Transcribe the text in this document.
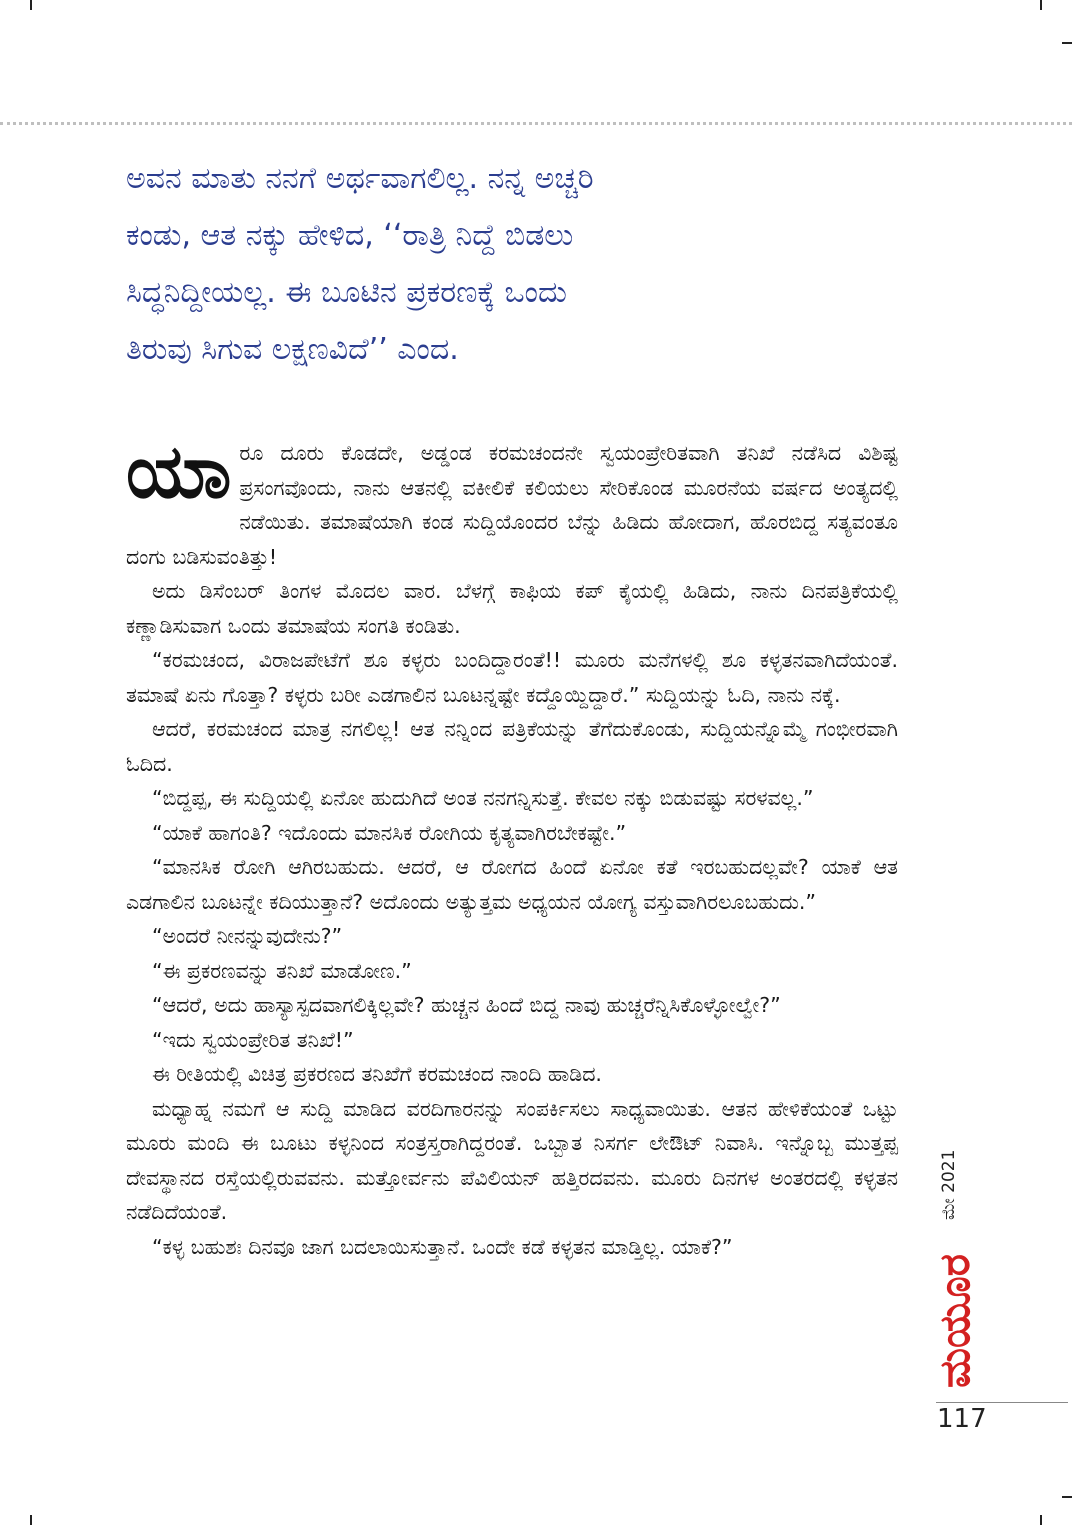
ಅವನ ಮಾತು ನನಗೆ ಅರ್ಥವಾಗಲಿಲ್ಲ. ನನ್ನ ಅಚ್ಚರಿ

ಕಂಡು, ಆತ ನಕ್ಕು ಹೇಳಿದ, ‘‘ರಾತ್ರಿ ನಿದ್ದೆ ಬಿಡಲು

ಸಿದ್ಧನಿದ್ದೀಯಲ್ಲ. ಈ ಬೂಟಿನ ಪ್ರಕರಣಕ್ಕೆ ಒಂದು

ತಿರುವು ಸಿಗುವ ಲಕ್ಷಣವಿದೆ’’ ಎಂದ.

ಯಾರೂ ದೂರು ಕೊಡದೇ, ಅಡ್ಡಂಡ ಕರಮಚಂದನೇ ಸ್ವಯಂಪ್ರೇರಿತವಾಗಿ ತನಿಖೆ ನಡೆಸಿದ ವಿಶಿಷ್ಟ ಪ್ರಸಂಗವೊಂದು, ನಾನು ಆತನಲ್ಲಿ ವಕೀಲಿಕೆ ಕಲಿಯಲು ಸೇರಿಕೊಂಡ ಮೂರನೆಯ ವರ್ಷದ ಅಂತ್ಯದಲ್ಲಿ ನಡೆಯಿತು. ತಮಾಷೆಯಾಗಿ ಕಂಡ ಸುದ್ದಿಯೊಂದರ ಬೆನ್ನು ಹಿಡಿದು ಹೋದಾಗ, ಹೊರಬಿದ್ದ ಸತ್ಯವಂತೂ ದಂಗು ಬಡಿಸುವಂತಿತ್ತು!

ಅದು ಡಿಸೆಂಬರ್ ತಿಂಗಳ ಮೊದಲ ವಾರ. ಬೆಳಗ್ಗೆ ಕಾಫಿಯ ಕಪ್ ಕೈಯಲ್ಲಿ ಹಿಡಿದು, ನಾನು ದಿನಪತ್ರಿಕೆಯಲ್ಲಿ ಕಣ್ಣಾಡಿಸುವಾಗ ಒಂದು ತಮಾಷೆಯ ಸಂಗತಿ ಕಂಡಿತು.

“ಕರಮಚಂದ, ವಿರಾಜಪೇಟೆಗೆ ಶೂ ಕಳ್ಳರು ಬಂದಿದ್ದಾರಂತೆ!! ಮೂರು ಮನೆಗಳಲ್ಲಿ ಶೂ ಕಳ್ಳತನವಾಗಿದೆಯಂತೆ. ತಮಾಷೆ ಏನು ಗೊತ್ತಾ? ಕಳ್ಳರು ಬರೀ ಎಡಗಾಲಿನ ಬೂಟನ್ನಷ್ಟೇ ಕದ್ದೊಯ್ದಿದ್ದಾರೆ.” ಸುದ್ದಿಯನ್ನು ಓದಿ, ನಾನು ನಕ್ಕೆ.

ಆದರೆ, ಕರಮಚಂದ ಮಾತ್ರ ನಗಲಿಲ್ಲ! ಆತ ನನ್ನಿಂದ ಪತ್ರಿಕೆಯನ್ನು ತೆಗೆದುಕೊಂಡು, ಸುದ್ದಿಯನ್ನೊಮ್ಮೆ ಗಂಭೀರವಾಗಿ ಓದಿದ.

“ಬಿದ್ದಪ್ಪ, ಈ ಸುದ್ದಿಯಲ್ಲಿ ಏನೋ ಹುದುಗಿದೆ ಅಂತ ನನಗನ್ನಿಸುತ್ತೆ. ಕೇವಲ ನಕ್ಕು ಬಿಡುವಷ್ಟು ಸರಳವಲ್ಲ.”

“ಯಾಕೆ ಹಾಗಂತಿ? ಇದೊಂದು ಮಾನಸಿಕ ರೋಗಿಯ ಕೃತ್ಯವಾಗಿರಬೇಕಷ್ಟೇ.”

“ಮಾನಸಿಕ ರೋಗಿ ಆಗಿರಬಹುದು. ಆದರೆ, ಆ ರೋಗದ ಹಿಂದೆ ಏನೋ ಕತೆ ಇರಬಹುದಲ್ಲವೇ? ಯಾಕೆ ಆತ ಎಡಗಾಲಿನ ಬೂಟನ್ನೇ ಕದಿಯುತ್ತಾನೆ? ಅದೊಂದು ಅತ್ಯುತ್ತಮ ಅಧ್ಯಯನ ಯೋಗ್ಯ ವಸ್ತುವಾಗಿರಲೂಬಹುದು.”

“ಅಂದರೆ ನೀನನ್ನುವುದೇನು?”

“ಈ ಪ್ರಕರಣವನ್ನು ತನಿಖೆ ಮಾಡೋಣ.”

“ಆದರೆ, ಅದು ಹಾಸ್ಯಾಸ್ಪದವಾಗಲಿಕ್ಕಿಲ್ಲವೇ? ಹುಚ್ಚನ ಹಿಂದೆ ಬಿದ್ದ ನಾವು ಹುಚ್ಚರೆನ್ನಿಸಿಕೊಳ್ಳೋಲ್ವೇ?”

“ಇದು ಸ್ವಯಂಪ್ರೇರಿತ ತನಿಖೆ!”

ಈ ರೀತಿಯಲ್ಲಿ ವಿಚಿತ್ರ ಪ್ರಕರಣದ ತನಿಖೆಗೆ ಕರಮಚಂದ ನಾಂದಿ ಹಾಡಿದ.

ಮಧ್ಯಾಹ್ನ ನಮಗೆ ಆ ಸುದ್ದಿ ಮಾಡಿದ ವರದಿಗಾರನನ್ನು ಸಂಪರ್ಕಿಸಲು ಸಾಧ್ಯವಾಯಿತು. ಆತನ ಹೇಳಿಕೆಯಂತೆ ಒಟ್ಟು ಮೂರು ಮಂದಿ ಈ ಬೂಟು ಕಳ್ಳನಿಂದ ಸಂತ್ರಸ್ತರಾಗಿದ್ದರಂತೆ. ಒಬ್ಬಾತ ನಿಸರ್ಗ ಲೇಔಟ್ ನಿವಾಸಿ. ಇನ್ನೊಬ್ಬ ಮುತ್ತಪ್ಪ ದೇವಸ್ಥಾನದ ರಸ್ತೆಯಲ್ಲಿರುವವನು. ಮತ್ತೋರ್ವನು ಪೆವಿಲಿಯನ್ ಹತ್ತಿರದವನು. ಮೂರು ದಿನಗಳ ಅಂತರದಲ್ಲಿ ಕಳ್ಳತನ ನಡೆದಿದೆಯಂತೆ.

“ಕಳ್ಳ ಬಹುಶಃ ದಿನವೂ ಜಾಗ ಬದಲಾಯಿಸುತ್ತಾನೆ. ಒಂದೇ ಕಡೆ ಕಳ್ಳತನ ಮಾಡ್ತಿಲ್ಲ. ಯಾಕೆ?”

ಮೇ 2021
ಮಯೂರ
117
